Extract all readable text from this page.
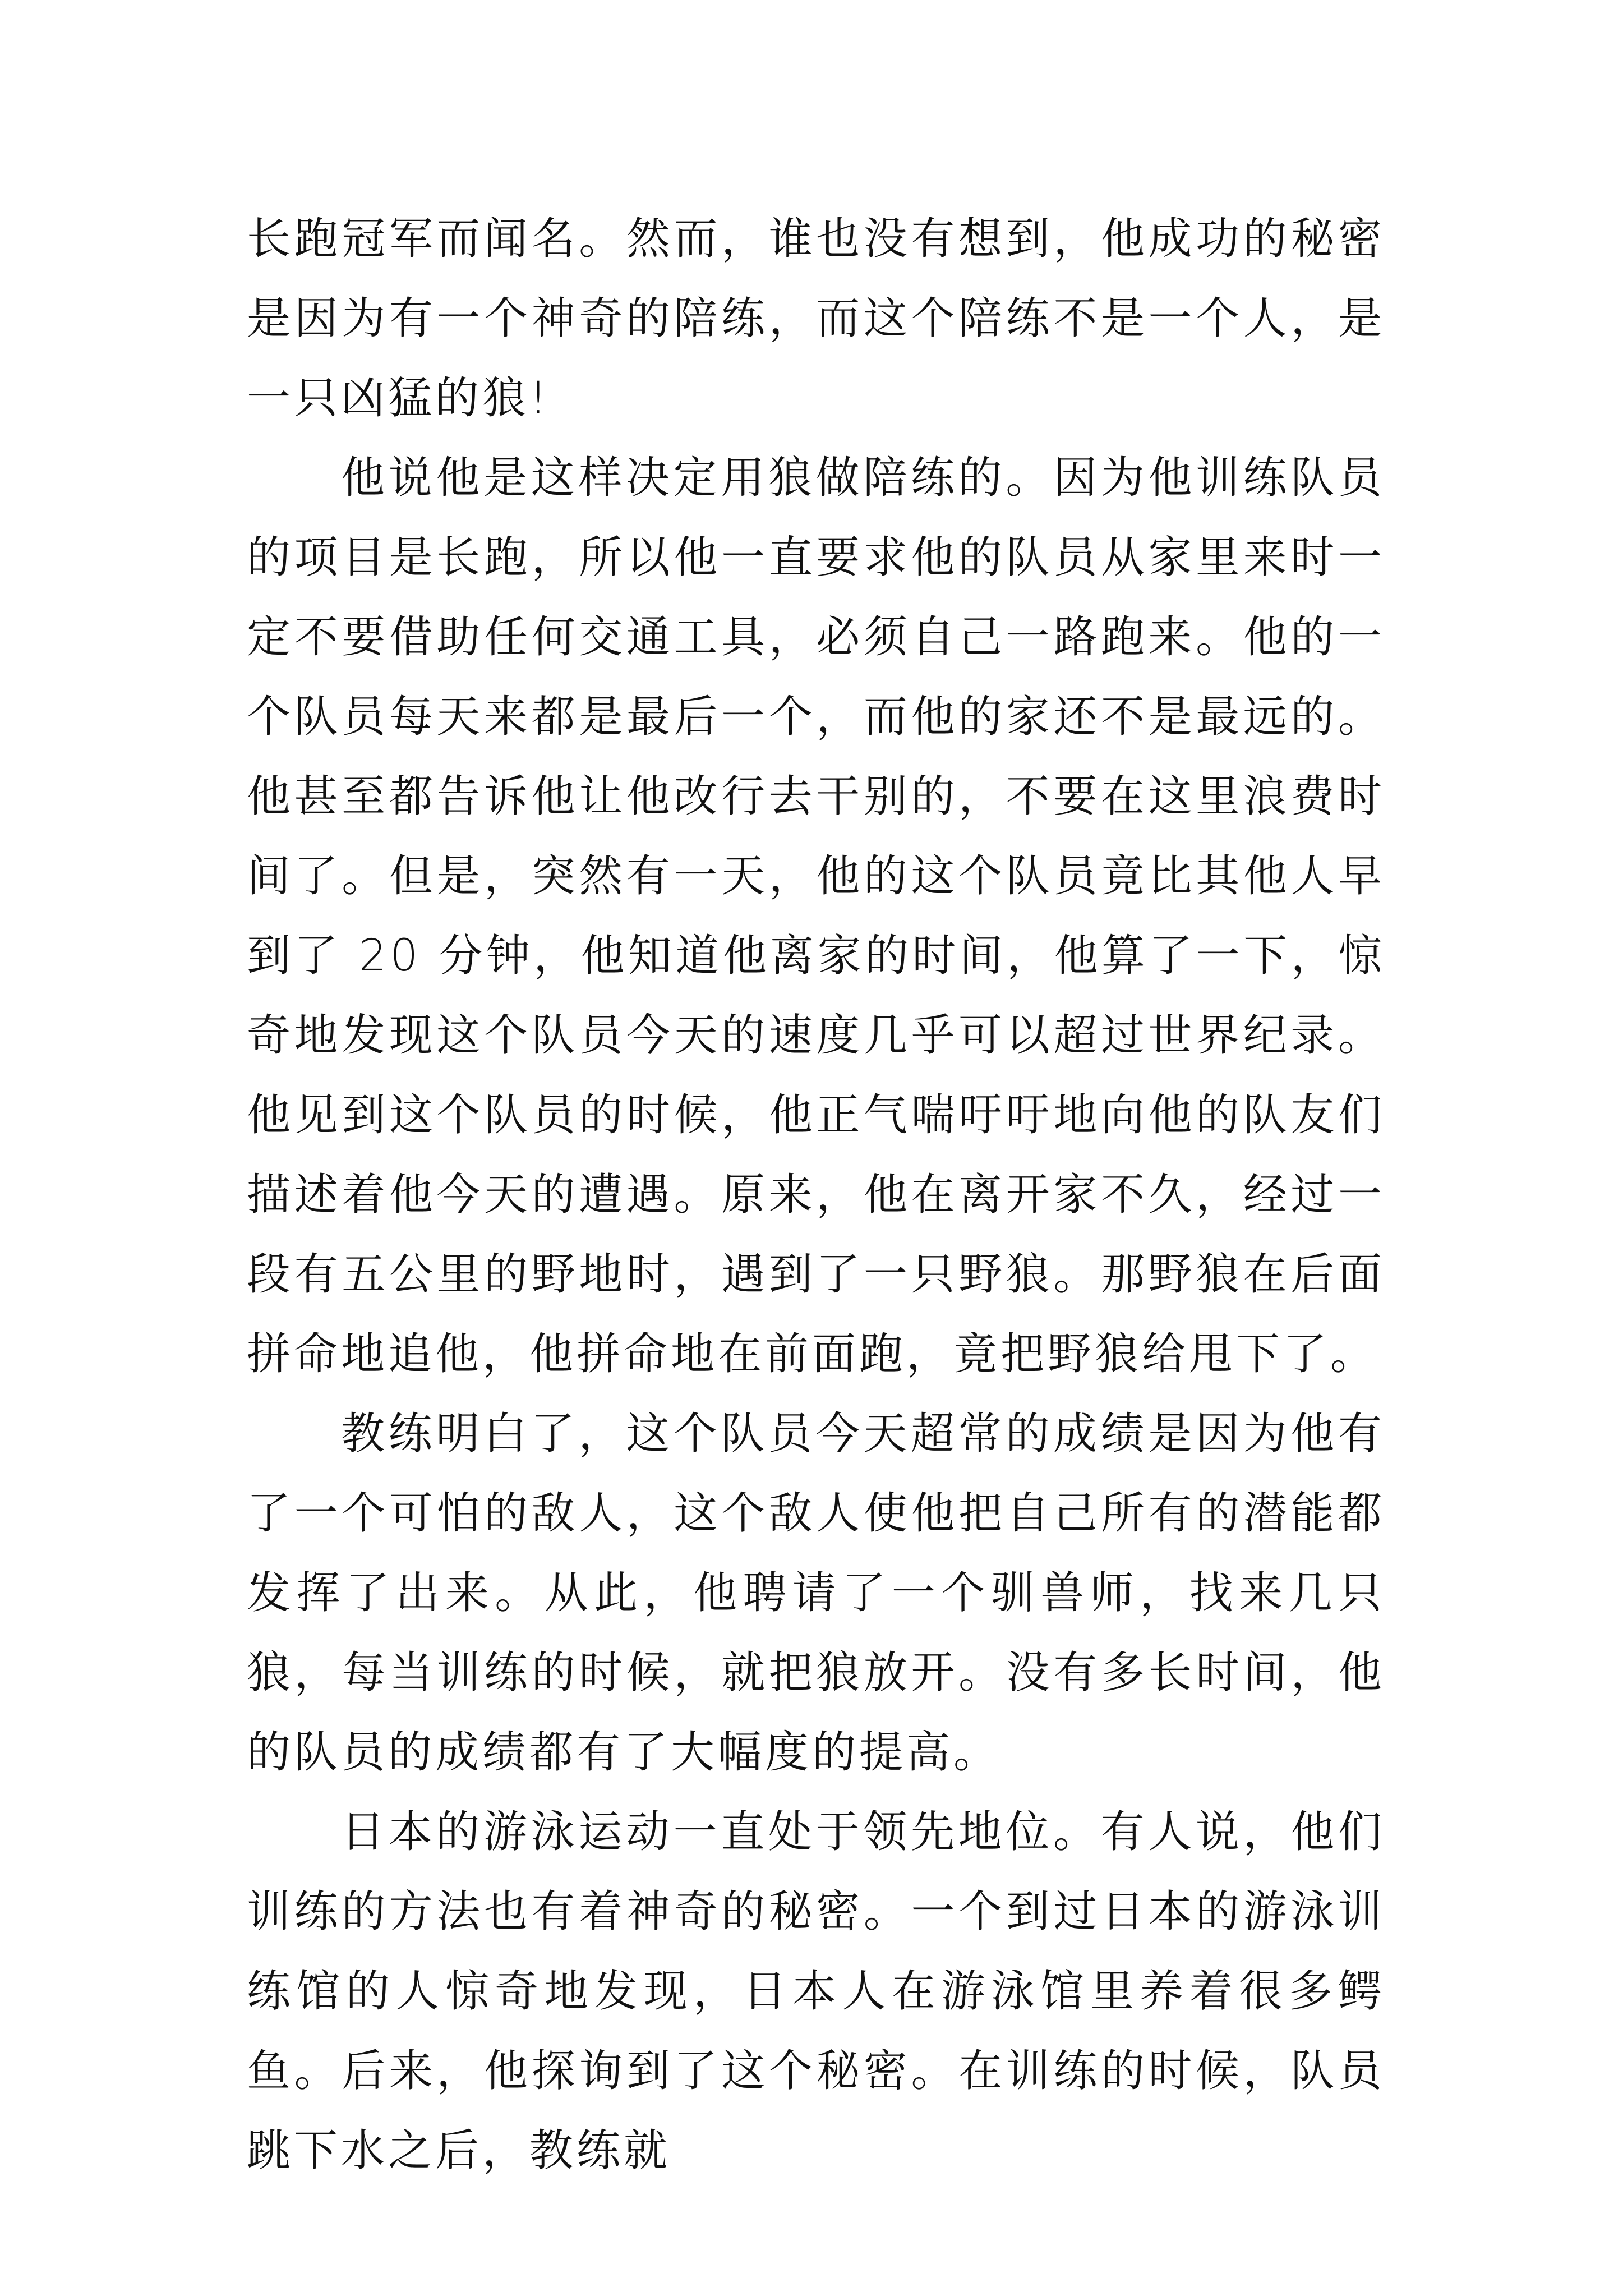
长跑冠军而闻名。然而，谁也没有想到，他成功的秘密是因为有一个神奇的陪练，而这个陪练不是一个人，是一只凶猛的狼!

他说他是这样决定用狼做陪练的。因为他训练队员的项目是长跑，所以他一直要求他的队员从家里来时一定不要借助任何交通工具，必须自己一路跑来。他的一个队员每天来都是最后一个，而他的家还不是最远的。他甚至都告诉他让他改行去干别的，不要在这里浪费时间了。但是，突然有一天，他的这个队员竟比其他人早到了 20 分钟，他知道他离家的时间，他算了一下，惊奇地发现这个队员今天的速度几乎可以超过世界纪录。他见到这个队员的时候，他正气喘吁吁地向他的队友们描述着他今天的遭遇。原来，他在离开家不久，经过一段有五公里的野地时，遇到了一只野狼。那野狼在后面拼命地追他，他拼命地在前面跑，竟把野狼给甩下了。

教练明白了，这个队员今天超常的成绩是因为他有了一个可怕的敌人，这个敌人使他把自己所有的潜能都发挥了出来。从此，他聘请了一个驯兽师，找来几只狼，每当训练的时候，就把狼放开。没有多长时间，他的队员的成绩都有了大幅度的提高。

日本的游泳运动一直处于领先地位。有人说，他们训练的方法也有着神奇的秘密。一个到过日本的游泳训练馆的人惊奇地发现，日本人在游泳馆里养着很多鳄鱼。后来，他探询到了这个秘密。在训练的时候，队员跳下水之后，教练就
